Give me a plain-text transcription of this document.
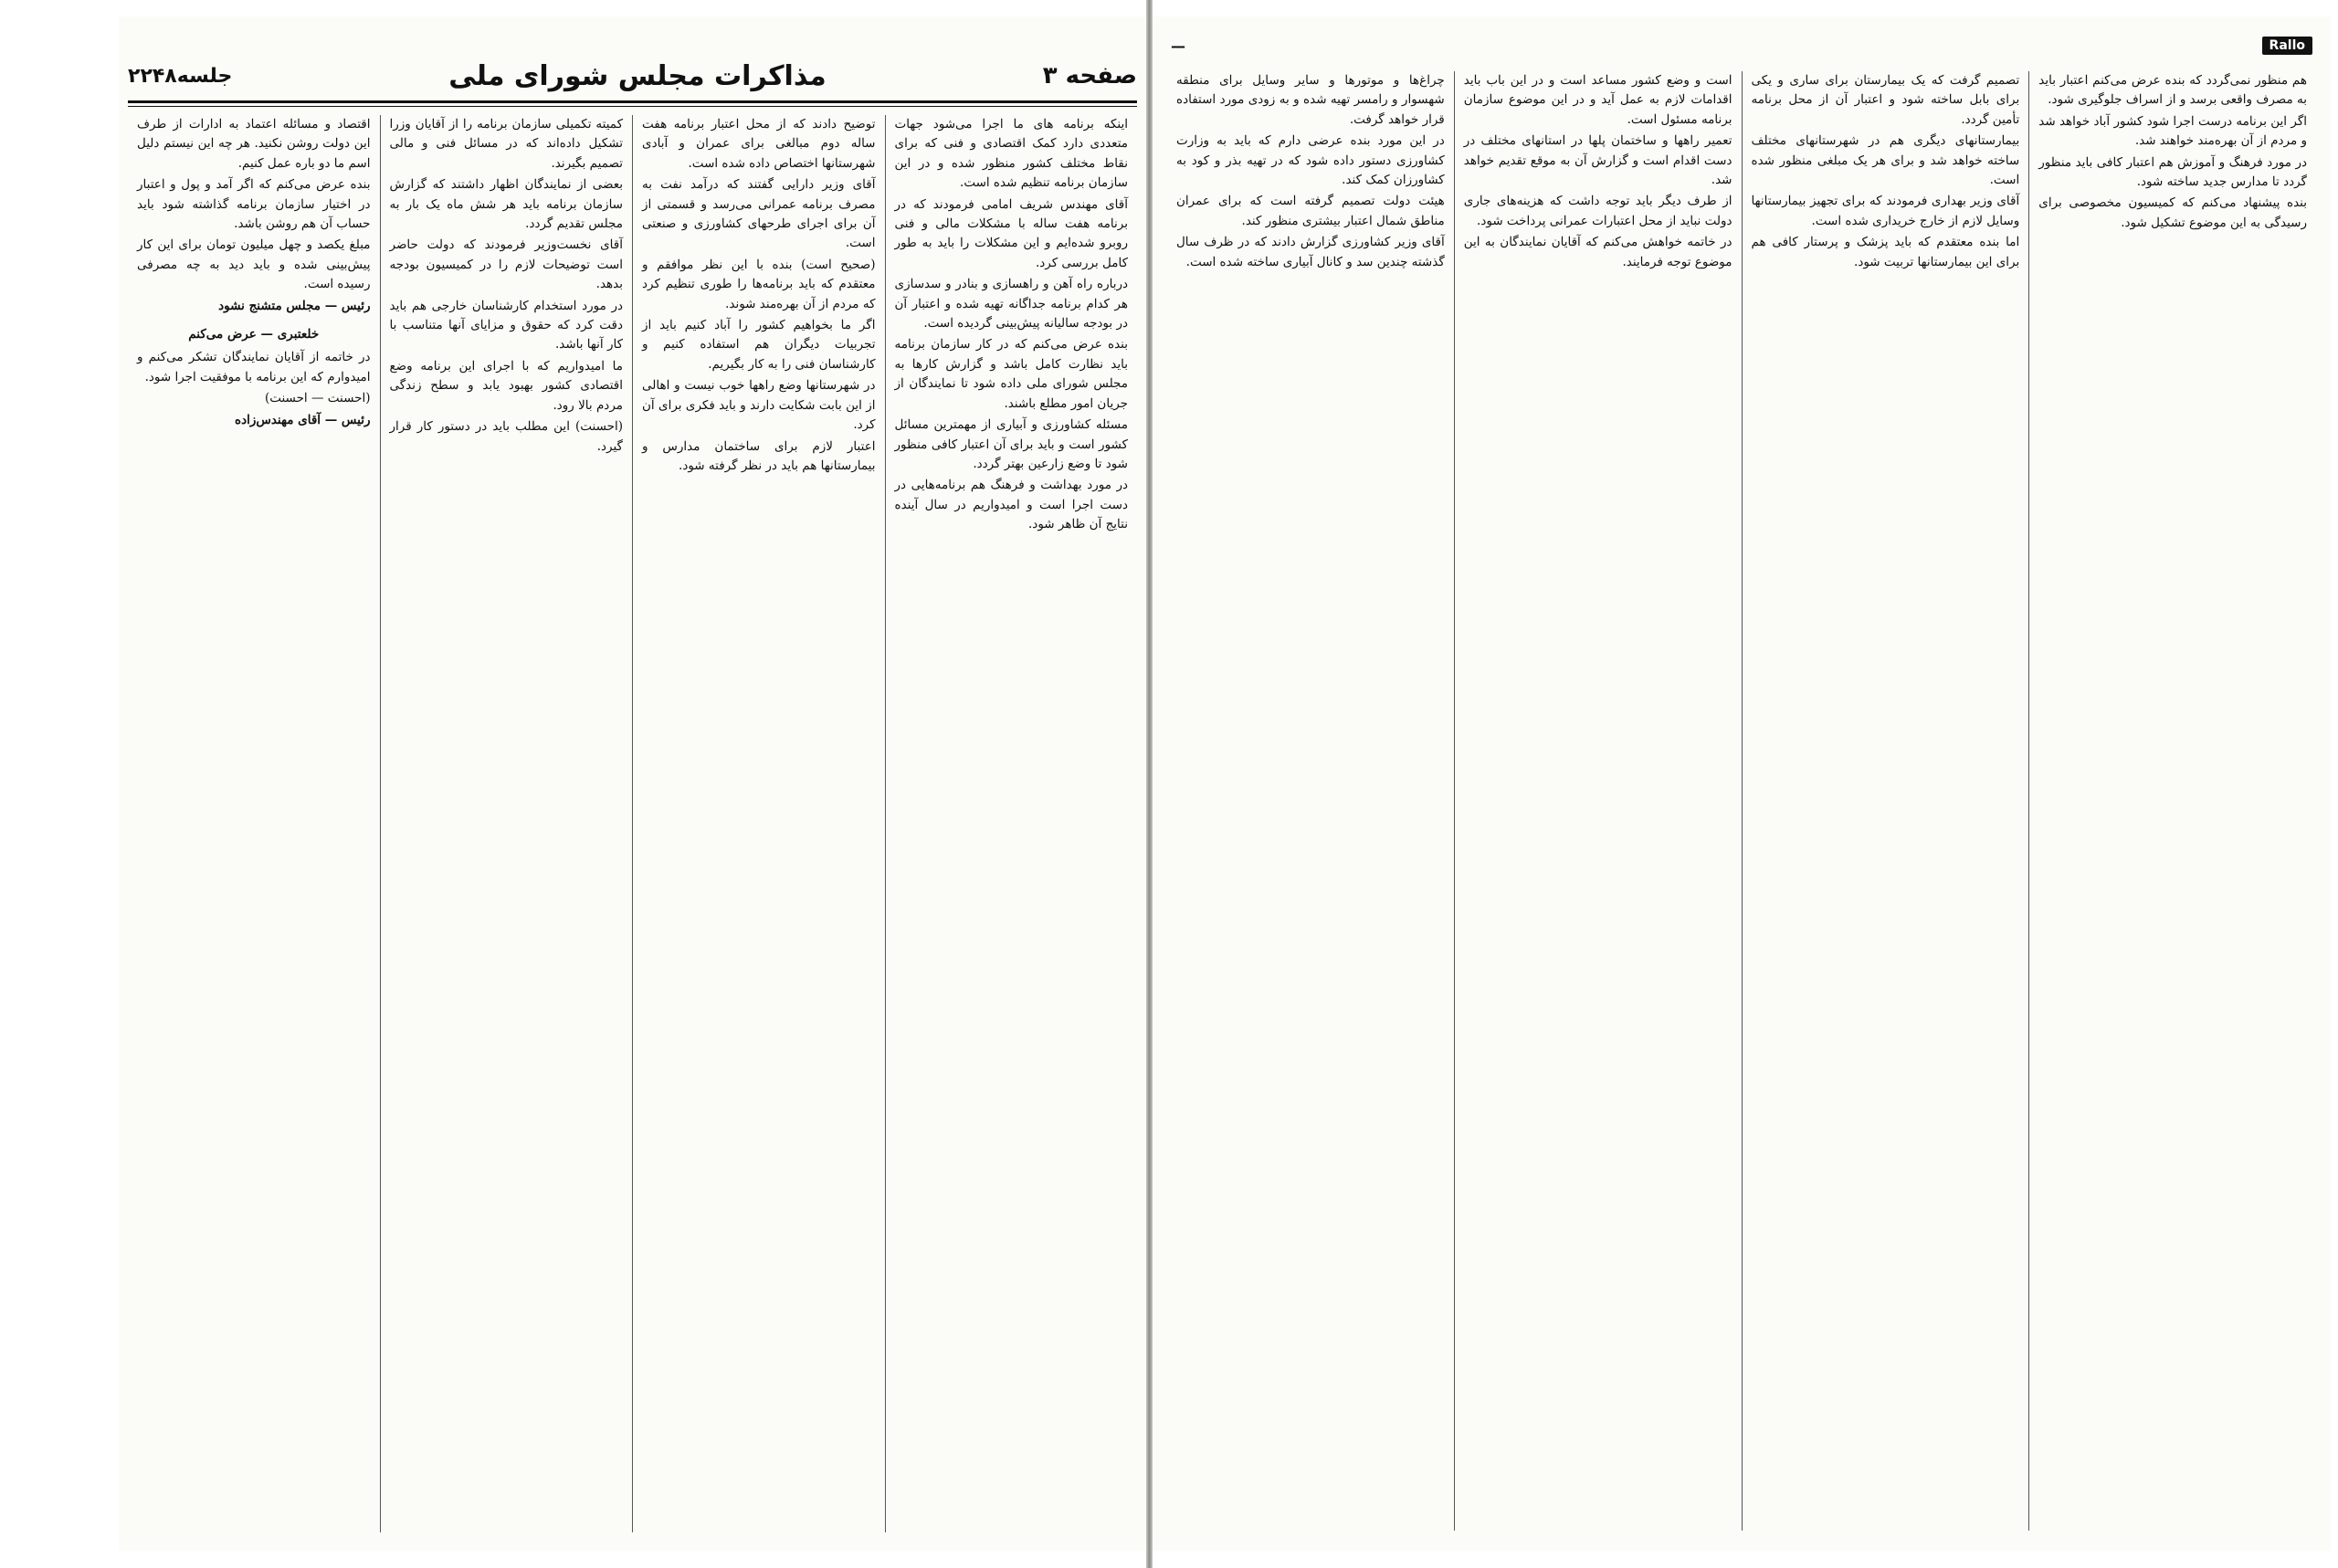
Rallo
—

هم منظور نمی‌گردد که بنده عرض می‌کنم اعتبار باید به مصرف واقعی برسد و از اسراف جلوگیری شود.

اگر این برنامه درست اجرا شود کشور آباد خواهد شد و مردم از آن بهره‌مند خواهند شد.

در مورد فرهنگ و آموزش هم اعتبار کافی باید منظور گردد تا مدارس جدید ساخته شود.

بنده پیشنهاد می‌کنم که کمیسیون مخصوصی برای رسیدگی به این موضوع تشکیل شود.

تصمیم گرفت که یک بیمارستان برای ساری و یکی برای بابل ساخته شود و اعتبار آن از محل برنامه تأمین گردد.

بیمارستانهای دیگری هم در شهرستانهای مختلف ساخته خواهد شد و برای هر یک مبلغی منظور شده است.

آقای وزیر بهداری فرمودند که برای تجهیز بیمارستانها وسایل لازم از خارج خریداری شده است.

اما بنده معتقدم که باید پزشک و پرستار کافی هم برای این بیمارستانها تربیت شود.

است و وضع کشور مساعد است و در این باب باید اقدامات لازم به عمل آید و در این موضوع سازمان برنامه مسئول است.

تعمیر راهها و ساختمان پلها در استانهای مختلف در دست اقدام است و گزارش آن به موقع تقدیم خواهد شد.

از طرف دیگر باید توجه داشت که هزینه‌های جاری دولت نباید از محل اعتبارات عمرانی پرداخت شود.

در خاتمه خواهش می‌کنم که آقایان نمایندگان به این موضوع توجه فرمایند.

چراغ‌ها و موتورها و سایر وسایل برای منطقه شهسوار و رامسر تهیه شده و به زودی مورد استفاده قرار خواهد گرفت.

در این مورد بنده عرضی دارم که باید به وزارت کشاورزی دستور داده شود که در تهیه بذر و کود به کشاورزان کمک کند.

هیئت دولت تصمیم گرفته است که برای عمران مناطق شمال اعتبار بیشتری منظور کند.

آقای وزیر کشاورزی گزارش دادند که در ظرف سال گذشته چندین سد و کانال آبیاری ساخته شده است.

صفحه ۳
مذاکرات مجلس شورای ملی
جلسه۲۲۴۸

اینکه برنامه های ما اجرا می‌شود جهات متعددی دارد کمک اقتصادی و فنی که برای نقاط مختلف کشور منظور شده و در این سازمان برنامه تنظیم شده است.

آقای مهندس شریف امامی فرمودند که در برنامه هفت ساله با مشکلات مالی و فنی روبرو شده‌ایم و این مشکلات را باید به طور کامل بررسی کرد.

درباره راه آهن و راهسازی و بنادر و سدسازی هر کدام برنامه جداگانه تهیه شده و اعتبار آن در بودجه سالیانه پیش‌بینی گردیده است.

بنده عرض می‌کنم که در کار سازمان برنامه باید نظارت کامل باشد و گزارش کارها به مجلس شورای ملی داده شود تا نمایندگان از جریان امور مطلع باشند.

مسئله کشاورزی و آبیاری از مهمترین مسائل کشور است و باید برای آن اعتبار کافی منظور شود تا وضع زارعین بهتر گردد.

در مورد بهداشت و فرهنگ هم برنامه‌هایی در دست اجرا است و امیدواریم در سال آینده نتایج آن ظاهر شود.

توضیح دادند که از محل اعتبار برنامه هفت ساله دوم مبالغی برای عمران و آبادی شهرستانها اختصاص داده شده است.

آقای وزیر دارایی گفتند که درآمد نفت به مصرف برنامه عمرانی می‌رسد و قسمتی از آن برای اجرای طرحهای کشاورزی و صنعتی است.

(صحیح است) بنده با این نظر موافقم و معتقدم که باید برنامه‌ها را طوری تنظیم کرد که مردم از آن بهره‌مند شوند.

اگر ما بخواهیم کشور را آباد کنیم باید از تجربیات دیگران هم استفاده کنیم و کارشناسان فنی را به کار بگیریم.

در شهرستانها وضع راهها خوب نیست و اهالی از این بابت شکایت دارند و باید فکری برای آن کرد.

اعتبار لازم برای ساختمان مدارس و بیمارستانها هم باید در نظر گرفته شود.

کمیته تکمیلی سازمان برنامه را از آقایان وزرا تشکیل داده‌اند که در مسائل فنی و مالی تصمیم بگیرند.

بعضی از نمایندگان اظهار داشتند که گزارش سازمان برنامه باید هر شش ماه یک بار به مجلس تقدیم گردد.

آقای نخست‌وزیر فرمودند که دولت حاضر است توضیحات لازم را در کمیسیون بودجه بدهد.

در مورد استخدام کارشناسان خارجی هم باید دقت کرد که حقوق و مزایای آنها متناسب با کار آنها باشد.

ما امیدواریم که با اجرای این برنامه وضع اقتصادی کشور بهبود یابد و سطح زندگی مردم بالا رود.

(احسنت) این مطلب باید در دستور کار قرار گیرد.

اقتصاد و مسائله اعتماد به ادارات از طرف این دولت روشن نکنید. هر چه این نیستم دلیل اسم ما دو باره عمل کنیم.

بنده عرض می‌کنم که اگر آمد و پول و اعتبار در اختیار سازمان برنامه گذاشته شود باید حساب آن هم روشن باشد.

مبلغ یکصد و چهل میلیون تومان برای این کار پیش‌بینی شده و باید دید به چه مصرفی رسیده است.

رئیس — مجلس متشنج نشود

خلعتبری — عرض می‌کنم

در خاتمه از آقایان نمایندگان تشکر می‌کنم و امیدوارم که این برنامه با موفقیت اجرا شود.

(احسنت — احسنت)

رئیس — آقای مهندس‌زاده
